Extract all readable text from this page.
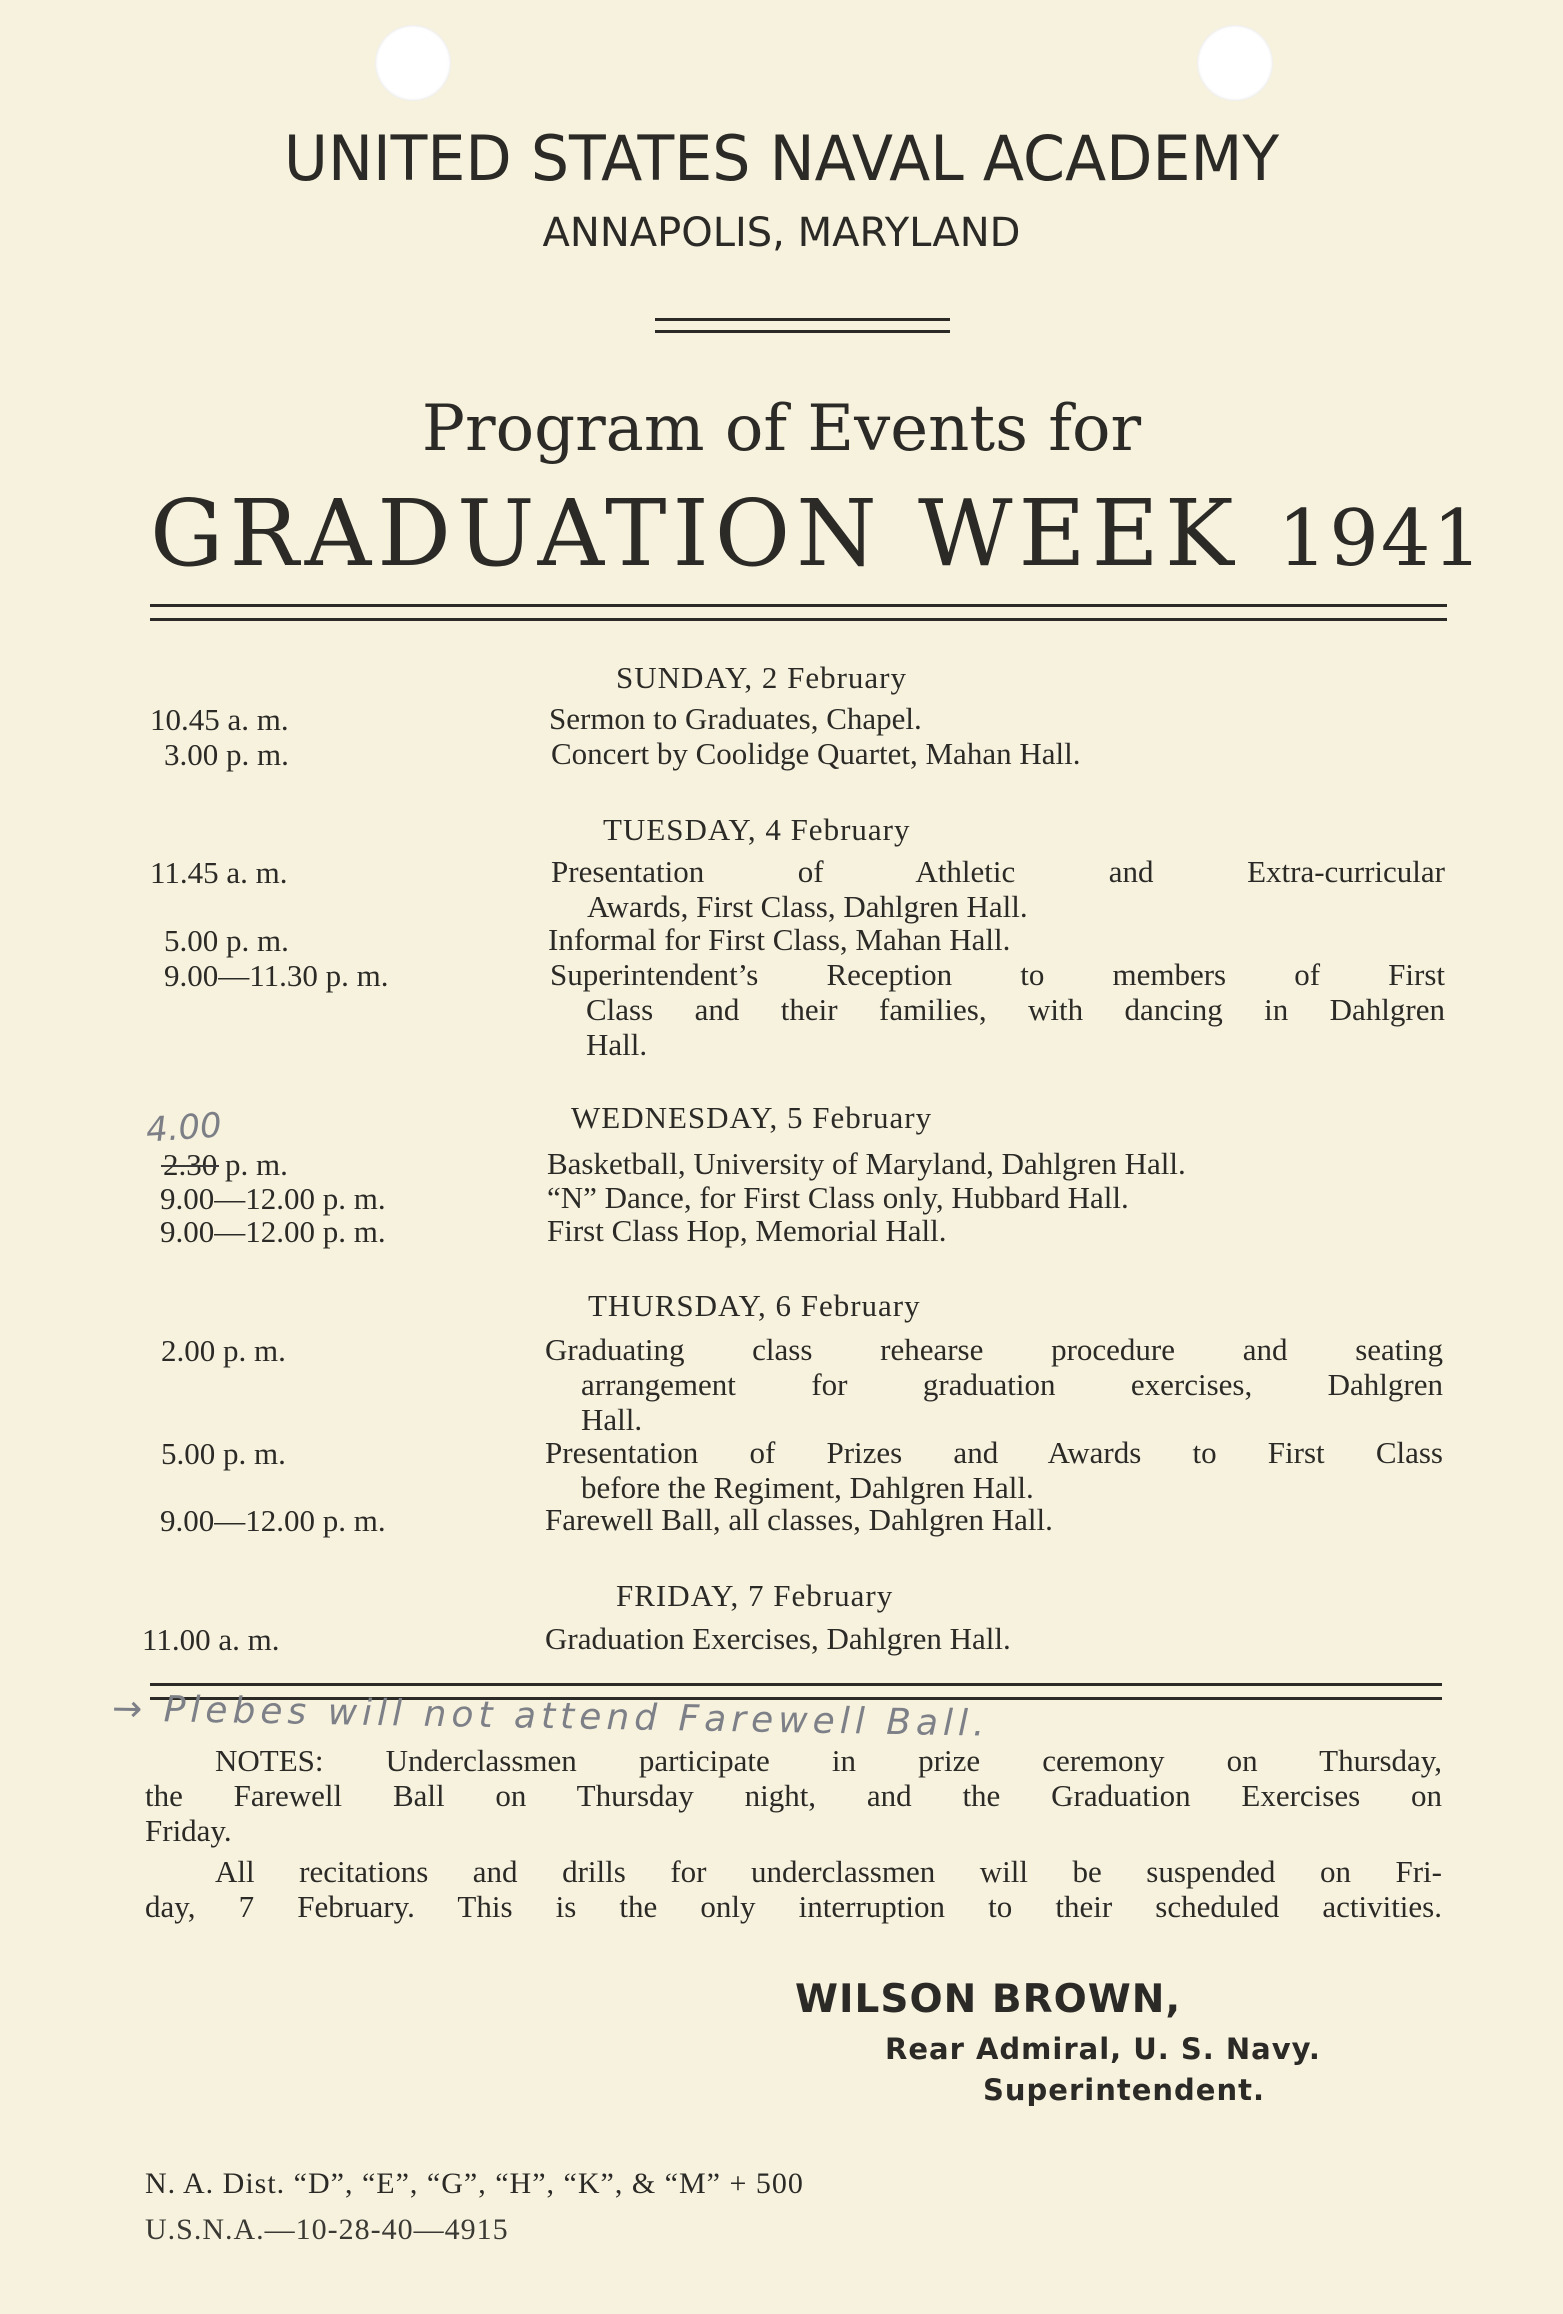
UNITED STATES NAVAL ACADEMY
ANNAPOLIS, MARYLAND
Program of Events for
GRADUATION WEEK 1941
SUNDAY, 2 February
10.45 a. m.	Sermon to Graduates, Chapel.
3.00 p. m.	Concert by Coolidge Quartet, Mahan Hall.
TUESDAY, 4 February
11.45 a. m.	Presentation of Athletic and Extra-curricular
Awards, First Class, Dahlgren Hall.
5.00 p. m.	Informal for First Class, Mahan Hall.
9.00—11.30 p. m.	Superintendent’s Reception to members of First
Class and their families, with dancing in Dahlgren
Hall.
WEDNESDAY, 5 February
4.00
2.30 p. m.	Basketball, University of Maryland, Dahlgren Hall.
9.00—12.00 p. m.	“N” Dance, for First Class only, Hubbard Hall.
9.00—12.00 p. m.	First Class Hop, Memorial Hall.
THURSDAY, 6 February
2.00 p. m.	Graduating class rehearse procedure and seating
arrangement for graduation exercises, Dahlgren
Hall.
5.00 p. m.	Presentation of Prizes and Awards to First Class
before the Regiment, Dahlgren Hall.
9.00—12.00 p. m.	Farewell Ball, all classes, Dahlgren Hall.
FRIDAY, 7 February
11.00 a. m.	Graduation Exercises, Dahlgren Hall.
→ Plebes will not attend Farewell Ball.

NOTES: Underclassmen participate in prize ceremony on Thursday,

the Farewell Ball on Thursday night, and the Graduation Exercises on

Friday.

All recitations and drills for underclassmen will be suspended on Fri-

day, 7 February. This is the only interruption to their scheduled activities.

WILSON BROWN,
Rear Admiral, U. S. Navy.
Superintendent.
N. A. Dist. “D”, “E”, “G”, “H”, “K”, & “M” + 500
U.S.N.A.—10-28-40—4915
